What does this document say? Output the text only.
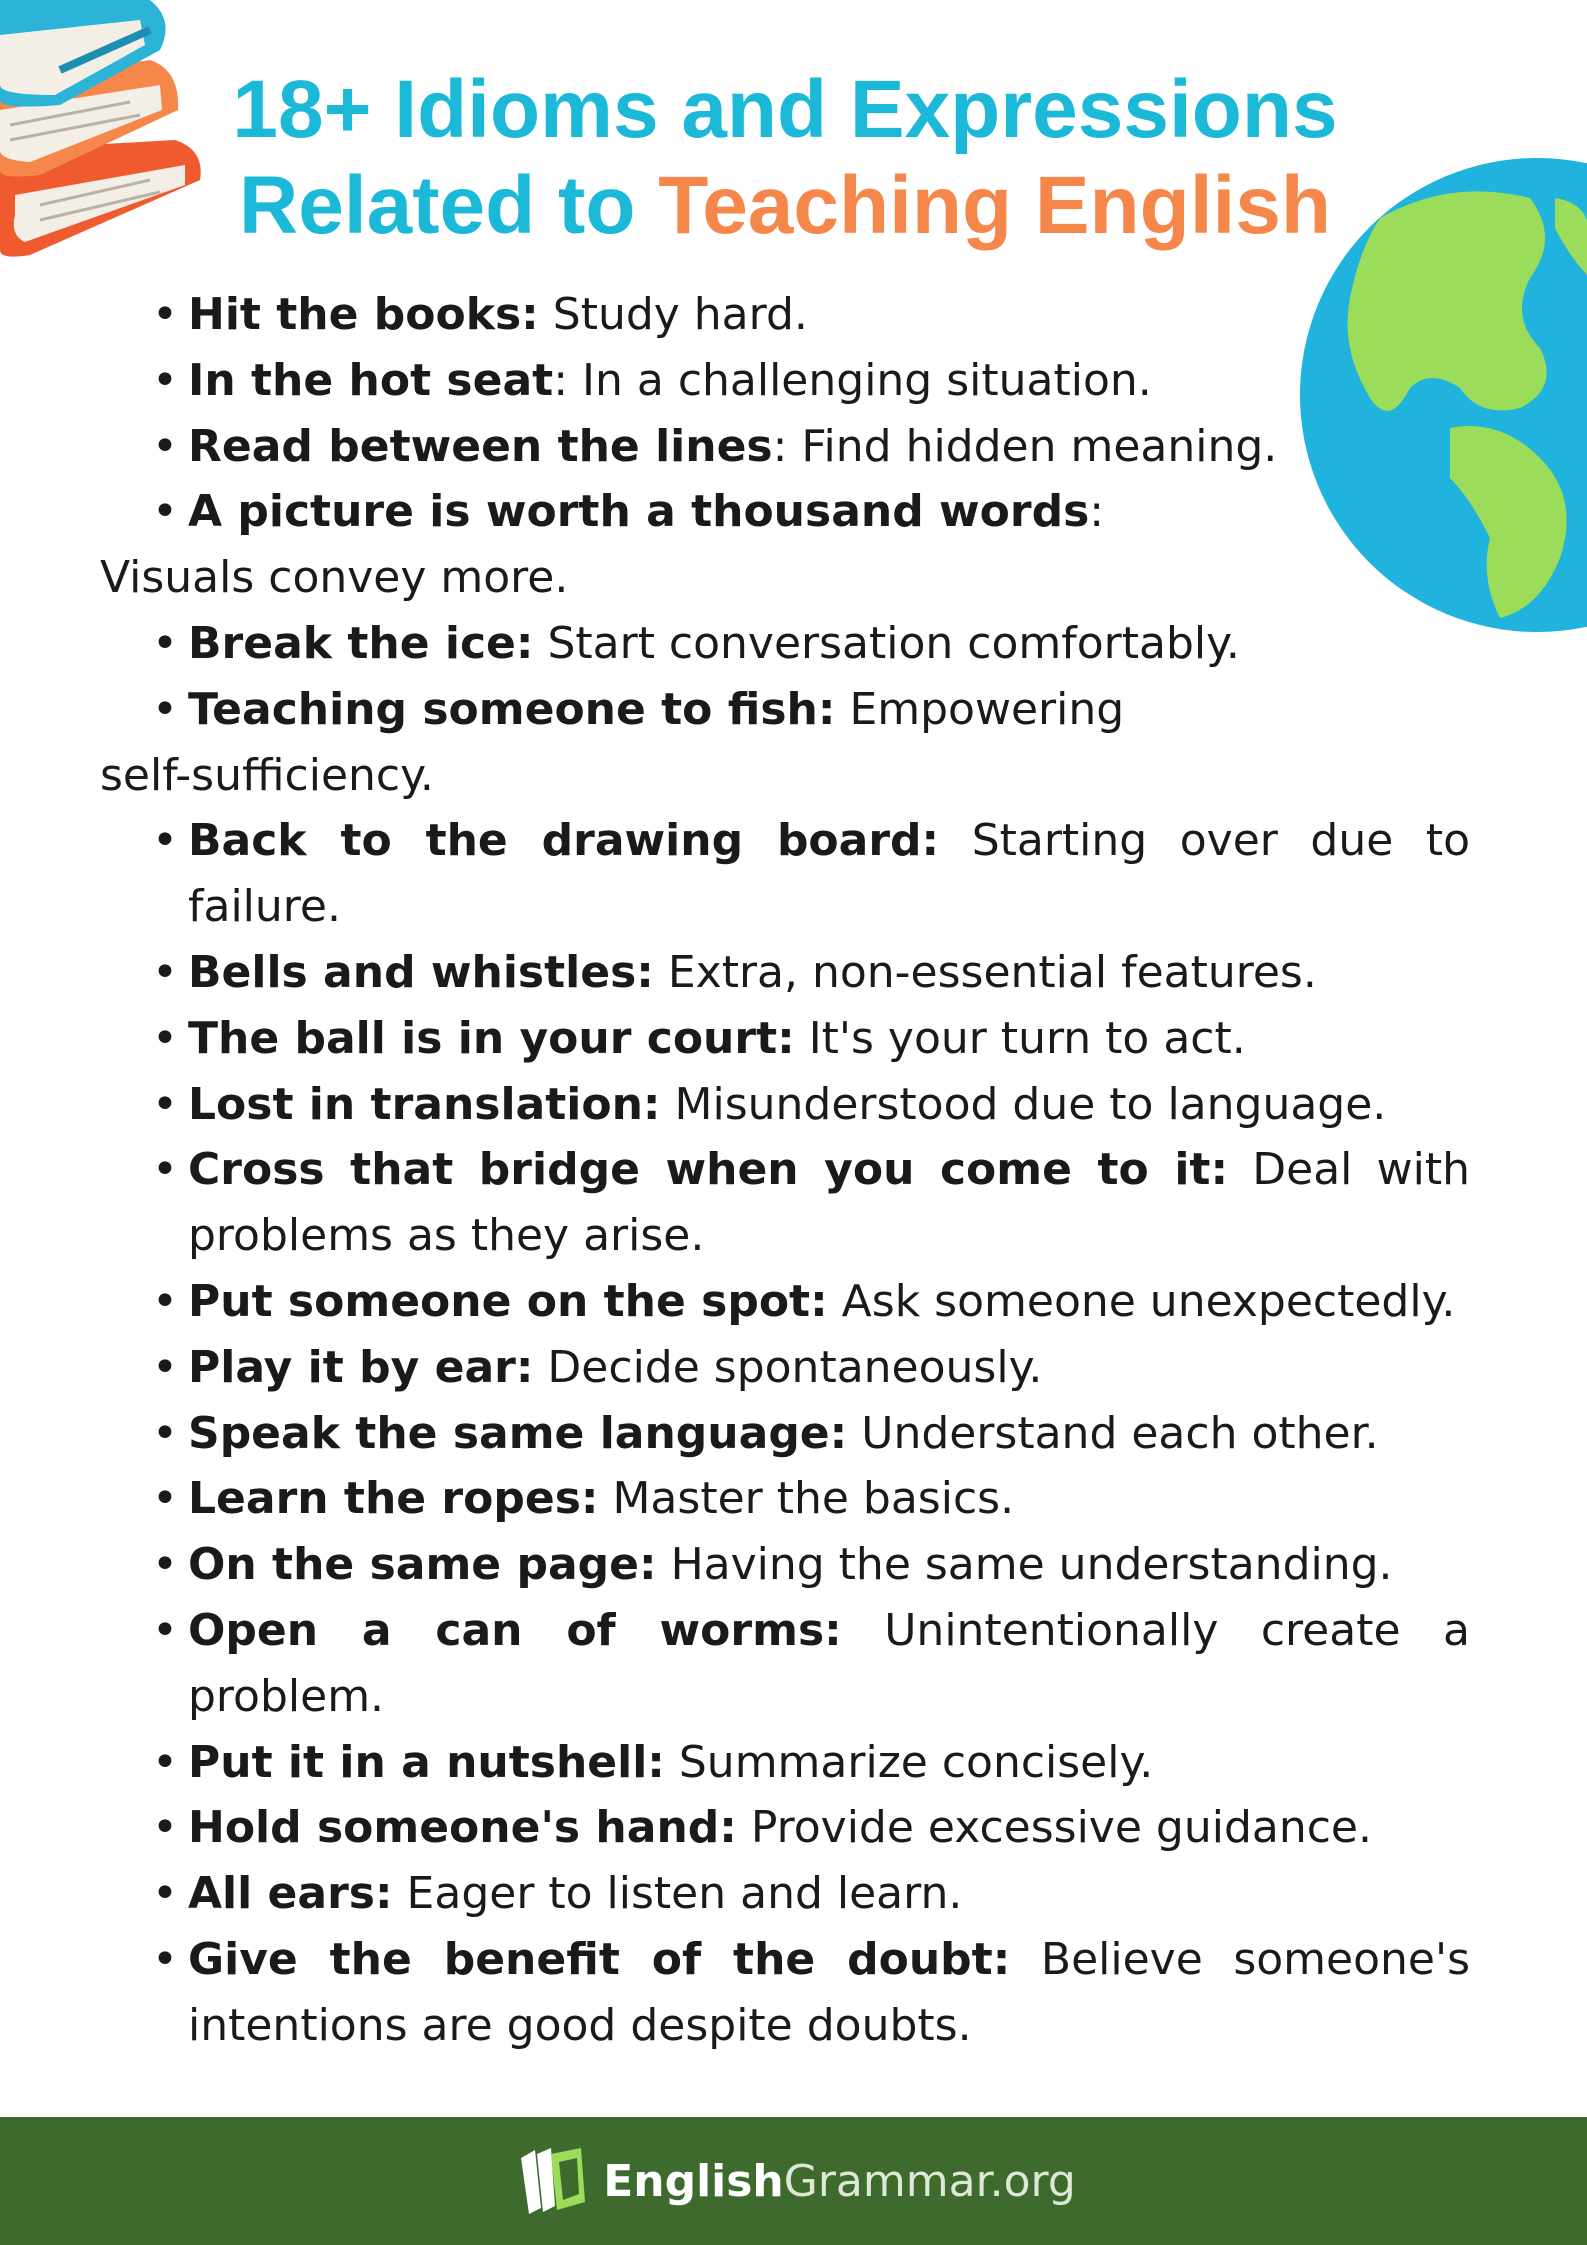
18+ Idioms and Expressions
Related to Teaching English
• Hit the books: Study hard.
• In the hot seat: In a challenging situation.
• Read between the lines: Find hidden meaning.
• A picture is worth a thousand words:
Visuals convey more.
• Break the ice: Start conversation comfortably.
• Teaching someone to fish: Empowering
self-sufficiency.
• Back to the drawing board: Starting over due to failure.
• Bells and whistles: Extra, non-essential features.
• The ball is in your court: It's your turn to act.
• Lost in translation: Misunderstood due to language.
• Cross that bridge when you come to it: Deal with problems as they arise.
• Put someone on the spot: Ask someone unexpectedly.
• Play it by ear: Decide spontaneously.
• Speak the same language: Understand each other.
• Learn the ropes: Master the basics.
• On the same page: Having the same understanding.
• Open a can of worms: Unintentionally create a problem.
• Put it in a nutshell: Summarize concisely.
• Hold someone's hand: Provide excessive guidance.
• All ears: Eager to listen and learn.
• Give the benefit of the doubt: Believe someone's intentions are good despite doubts.
EnglishGrammar.org
